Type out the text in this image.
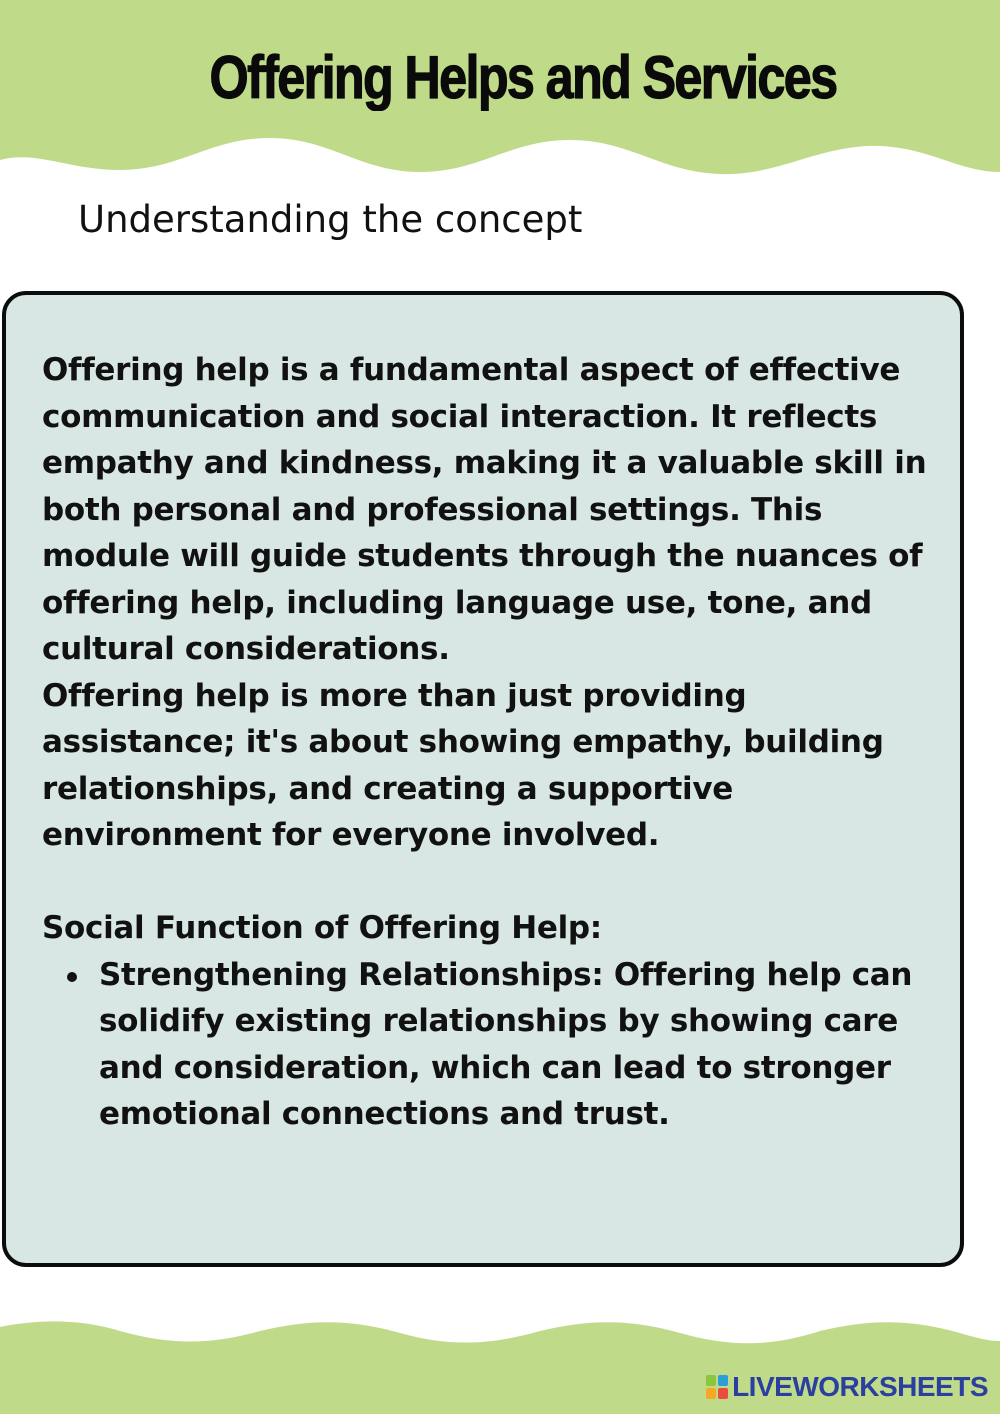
Offering Helps and Services
Understanding the concept

Offering help is a fundamental aspect of effective communication and social interaction. It reflects empathy and kindness, making it a valuable skill in both personal and professional settings. This module will guide students through the nuances of offering help, including language use, tone, and cultural considerations.

Offering help is more than just providing assistance; it's about showing empathy, building relationships, and creating a supportive environment for everyone involved.

Social Function of Offering Help:

Strengthening Relationships: Offering help can solidify existing relationships by showing care and consideration, which can lead to stronger emotional connections and trust.
LIVEWORKSHEETS
